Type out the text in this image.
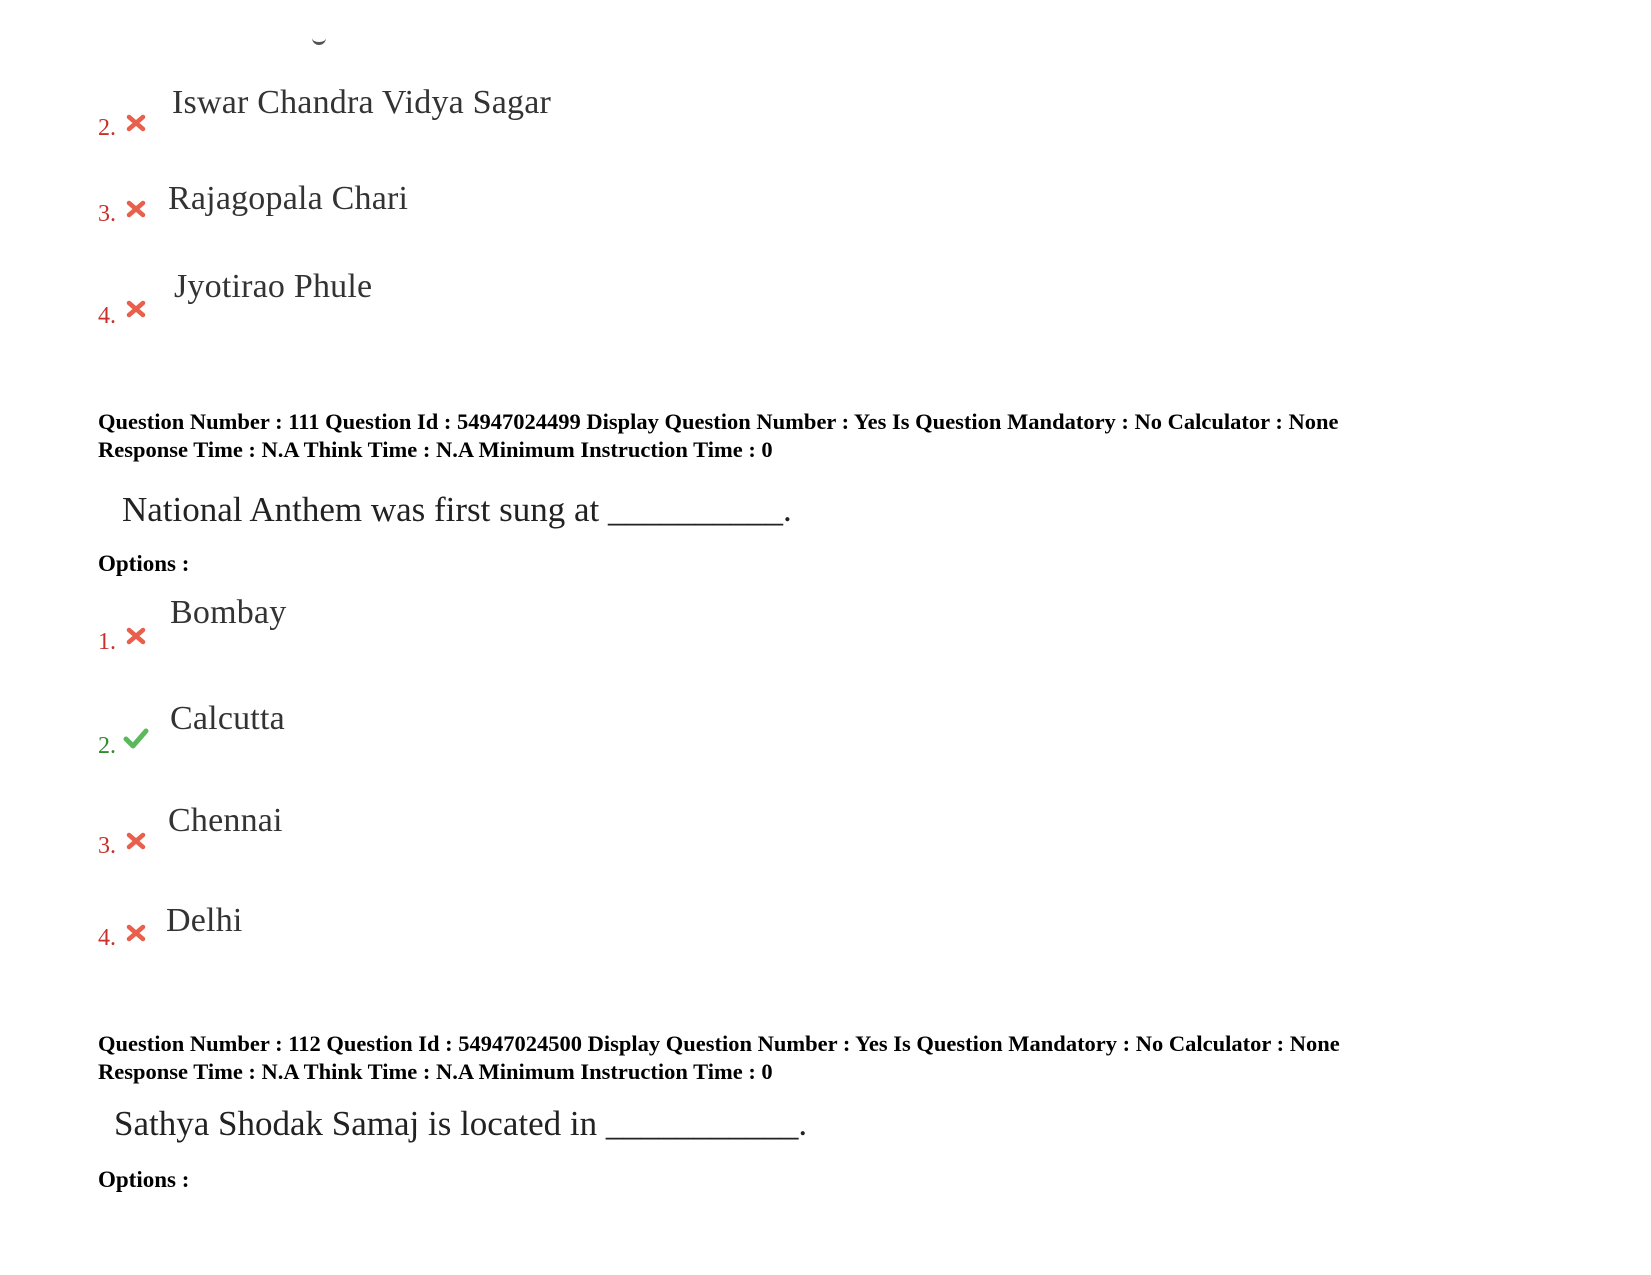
2.
Iswar Chandra Vidya Sagar
3. Rajagopala Chari
4.
Jyotirao Phule
Question Number : 111 Question Id : 54947024499 Display Question Number : Yes Is Question Mandatory : No Calculator : None
Response Time : N.A Think Time : N.A Minimum Instruction Time : 0
National Anthem was first sung at __________.
Options :
1.
Bombay
2.
Calcutta
3.
Chennai
4. Delhi
Question Number : 112 Question Id : 54947024500 Display Question Number : Yes Is Question Mandatory : No Calculator : None
Response Time : N.A Think Time : N.A Minimum Instruction Time : 0
Sathya Shodak Samaj is located in ___________.
Options :
